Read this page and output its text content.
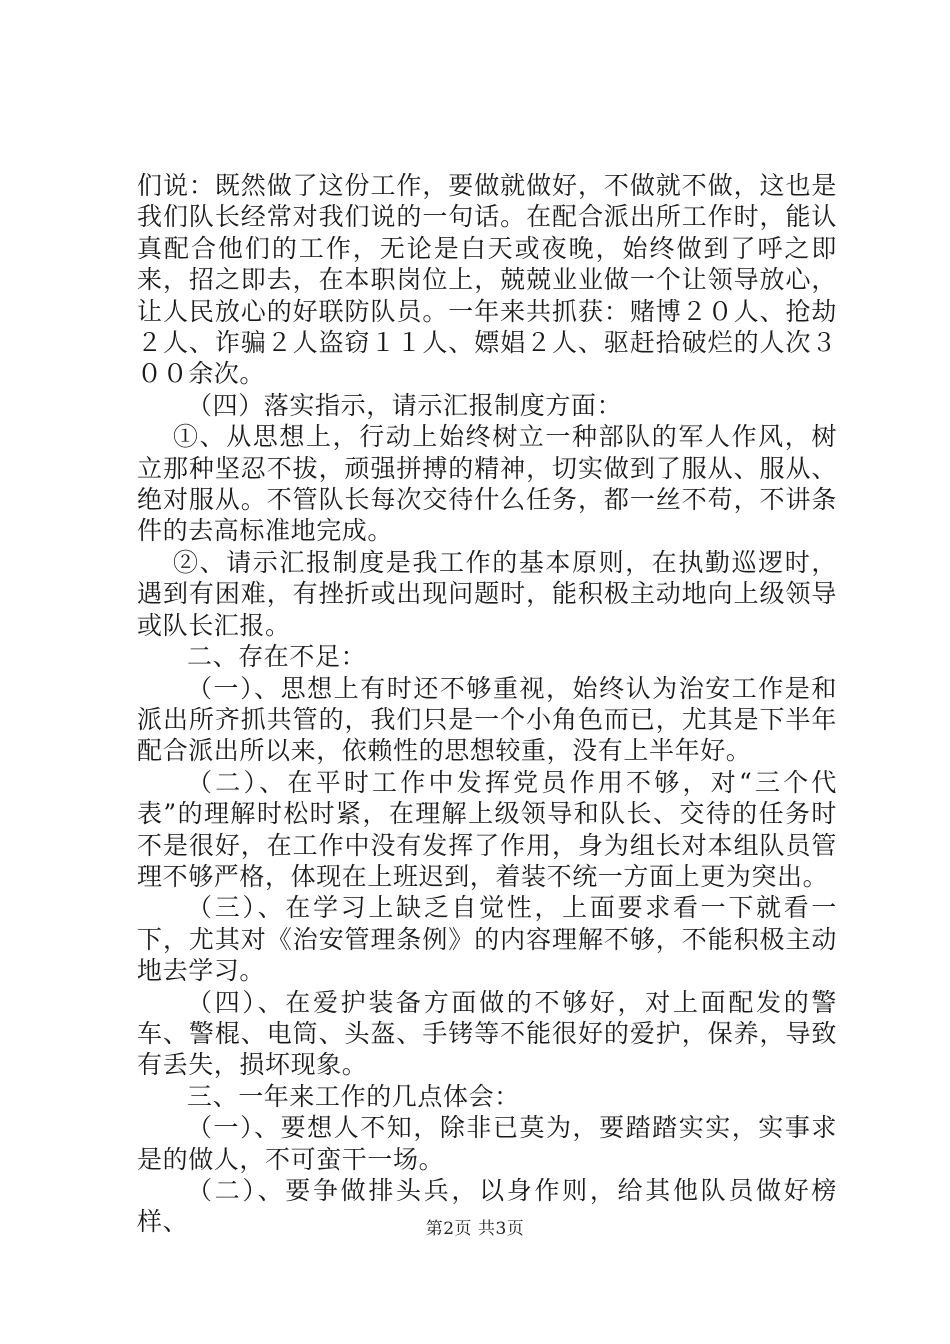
们说：既然做了这份工作，要做就做好，不做就不做，这也是我们队长经常对我们说的一句话。在配合派出所工作时，能认真配合他们的工作，无论是白天或夜晚，始终做到了呼之即来，招之即去，在本职岗位上，兢兢业业做一个让领导放心，让人民放心的好联防队员。一年来共抓获：赌博２０人、抢劫２人、诈骗２人盗窃１１人、嫖娼２人、驱赶拾破烂的人次３００余次。

（四）落实指示，请示汇报制度方面：

①、从思想上，行动上始终树立一种部队的军人作风，树立那种坚忍不拔，顽强拼搏的精神，切实做到了服从、服从、绝对服从。不管队长每次交待什么任务，都一丝不苟，不讲条件的去高标准地完成。

②、请示汇报制度是我工作的基本原则，在执勤巡逻时，遇到有困难，有挫折或出现问题时，能积极主动地向上级领导或队长汇报。

二、存在不足：

（一）、思想上有时还不够重视，始终认为治安工作是和派出所齐抓共管的，我们只是一个小角色而已，尤其是下半年配合派出所以来，依赖性的思想较重，没有上半年好。

（二）、在平时工作中发挥党员作用不够，对“三个代表”的理解时松时紧，在理解上级领导和队长、交待的任务时不是很好，在工作中没有发挥了作用，身为组长对本组队员管理不够严格，体现在上班迟到，着装不统一方面上更为突出。

（三）、在学习上缺乏自觉性，上面要求看一下就看一下，尤其对《治安管理条例》的内容理解不够，不能积极主动地去学习。

（四）、在爱护装备方面做的不够好，对上面配发的警车、警棍、电筒、头盔、手铐等不能很好的爱护，保养，导致有丢失，损坏现象。

三、一年来工作的几点体会：

（一）、要想人不知，除非已莫为，要踏踏实实，实事求是的做人，不可蛮干一场。

（二）、要争做排头兵，以身作则，给其他队员做好榜样、	第2页 共3页
